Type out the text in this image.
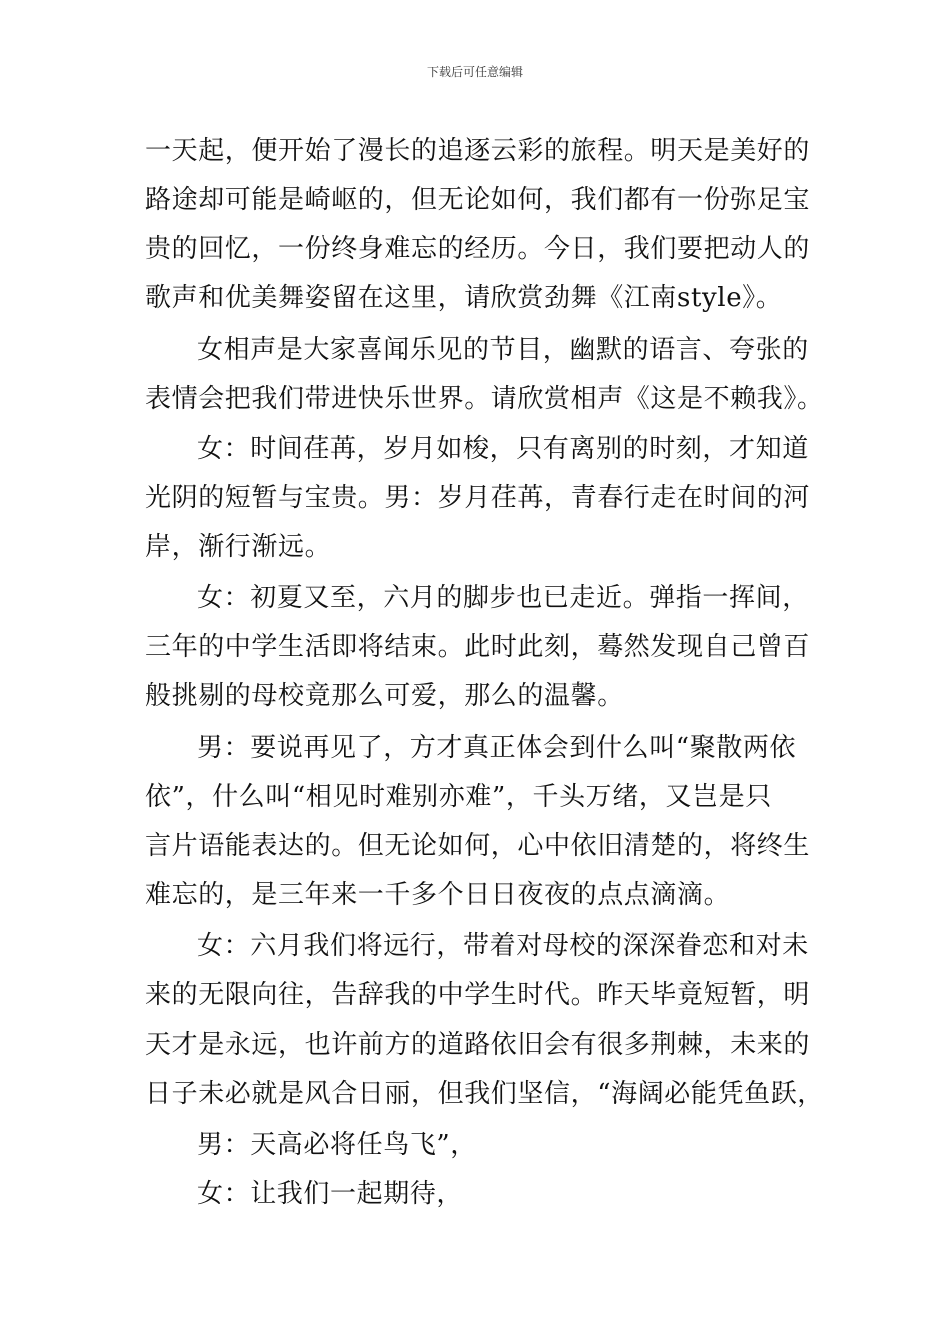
下载后可任意编辑
一天起，便开始了漫长的追逐云彩的旅程。明天是美好的
路途却可能是崎岖的，但无论如何，我们都有一份弥足宝
贵的回忆，一份终身难忘的经历。今日，我们要把动人的
歌声和优美舞姿留在这里，请欣赏劲舞《江南style》。
女相声是大家喜闻乐见的节目，幽默的语言、夸张的
表情会把我们带进快乐世界。请欣赏相声《这是不赖我》。
女：时间荏苒，岁月如梭，只有离别的时刻，才知道
光阴的短暂与宝贵。男：岁月荏苒，青春行走在时间的河
岸，渐行渐远。
女：初夏又至，六月的脚步也已走近。弹指一挥间，
三年的中学生活即将结束。此时此刻，蓦然发现自己曾百
般挑剔的母校竟那么可爱，那么的温馨。
男：要说再见了，方才真正体会到什么叫“聚散两依
依”，什么叫“相见时难别亦难”，千头万绪，又岂是只
言片语能表达的。但无论如何，心中依旧清楚的，将终生
难忘的，是三年来一千多个日日夜夜的点点滴滴。
女：六月我们将远行，带着对母校的深深眷恋和对未
来的无限向往，告辞我的中学生时代。昨天毕竟短暂，明
天才是永远，也许前方的道路依旧会有很多荆棘，未来的
日子未必就是风合日丽，但我们坚信，“海阔必能凭鱼跃，
男：天高必将任鸟飞”，
女：让我们一起期待，
